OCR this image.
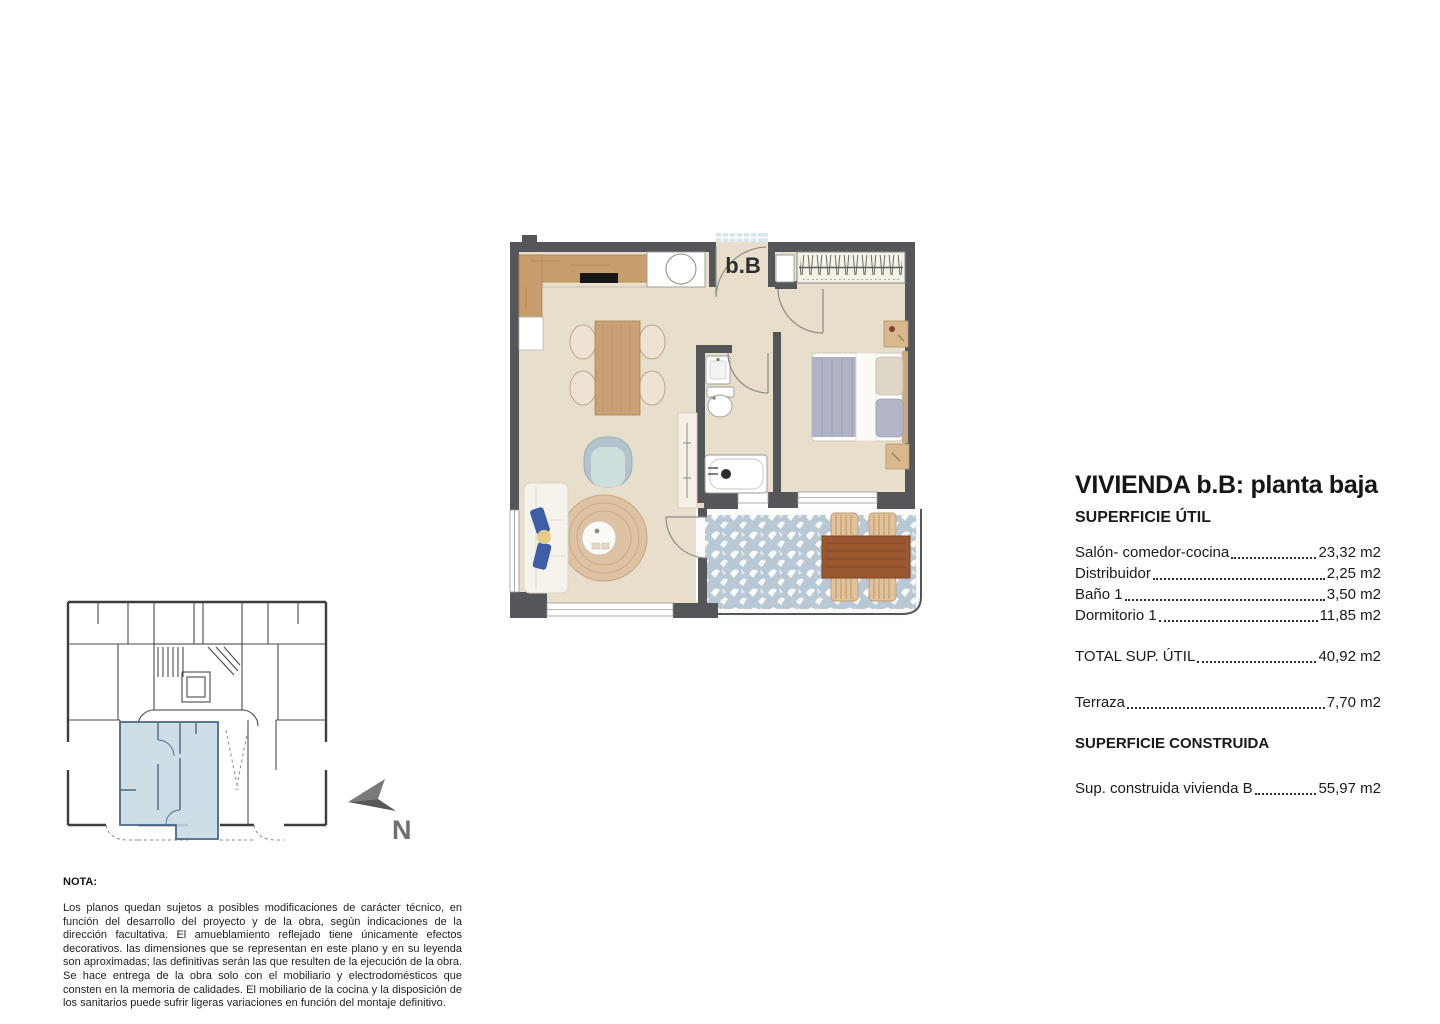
b.B
N
VIVIENDA b.B: planta baja
SUPERFICIE ÚTIL
Salón- comedor-cocina	23,32 m2
Distribuidor	2,25 m2
Baño 1	3,50 m2
Dormitorio 1	11,85 m2
TOTAL SUP. ÚTIL	40,92 m2
Terraza	7,70 m2
SUPERFICIE CONSTRUIDA
Sup. construida vivienda B	55,97 m2

NOTA:

Los planos quedan sujetos a posibles modificaciones de carácter técnico, en función del desarrollo del proyecto y de la obra, según indicaciones de la dirección facultativa. El amueblamiento reflejado tiene únicamente efectos decorativos. las dimensiones que se representan en este plano y en su leyenda son aproximadas; las definitivas serán las que resulten de la ejecución de la obra. Se hace entrega de la obra solo con el mobiliario y electrodomésticos que consten en la memoria de calidades. El mobiliario de la cocina y la disposición de los sanitarios puede sufrir ligeras variaciones en función del montaje definitivo.
